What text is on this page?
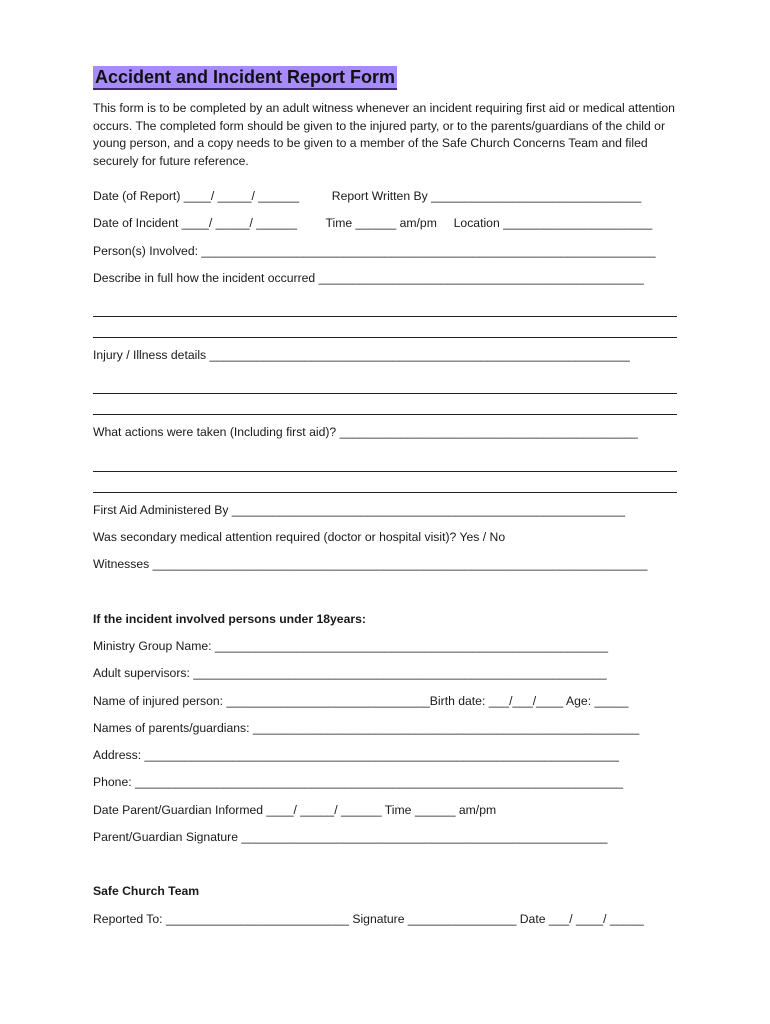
Accident and Incident Report Form

This form is to be completed by an adult witness whenever an incident requiring first aid or medical attention occurs. The completed form should be given to the injured party, or to the parents/guardians of the child or young person, and a copy needs to be given to a member of the Safe Church Concerns Team and filed securely for future reference.

Date (of Report) ____/ _____/ ______	Report Written By _______________________________
Date of Incident ____/ _____/ ______ Time ______ am/pm Location ______________________
Person(s) Involved: ___________________________________________________________________
Describe in full how the incident occurred ________________________________________________
Injury / Illness details ______________________________________________________________
What actions were taken (Including first aid)? ____________________________________________
First Aid Administered By __________________________________________________________
Was secondary medical attention required (doctor or hospital visit)? Yes / No
Witnesses _________________________________________________________________________
If the incident involved persons under 18years:
Ministry Group Name: __________________________________________________________
Adult supervisors: _____________________________________________________________
Name of injured person: ______________________________Birth date: ___/___/____ Age: _____
Names of parents/guardians: _________________________________________________________
Address: ______________________________________________________________________
Phone: ________________________________________________________________________
Date Parent/Guardian Informed ____/ _____/ ______ Time ______ am/pm
Parent/Guardian Signature ______________________________________________________
Safe Church Team
Reported To: ___________________________ Signature ________________ Date ___/ ____/ _____
